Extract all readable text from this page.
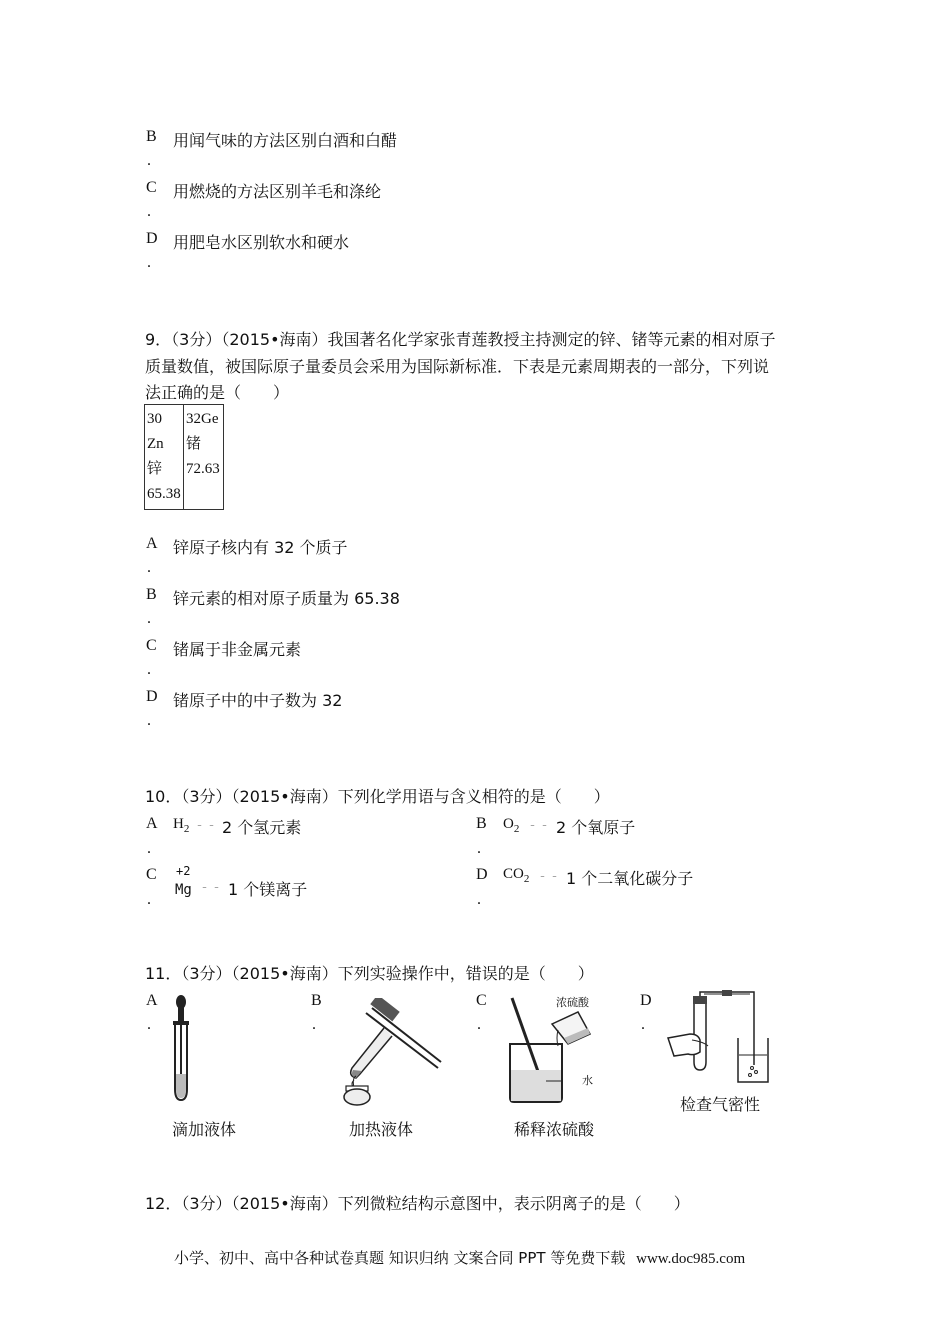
B
.
用闻气味的方法区别白酒和白醋
C
.
用燃烧的方法区别羊毛和涤纶
D
.
用肥皂水区别软水和硬水
9．（3分）（2015•海南）我国著名化学家张青莲教授主持测定的锌、锗等元素的相对原子
质量数值，被国际原子量委员会采用为国际新标准．下表是元素周期表的一部分，下列说
法正确的是（　　）
30
Zn
锌
65.38

32Ge
锗
72.63
A
.
锌原子核内有 32 个质子
B
.
锌元素的相对原子质量为 65.38
C
.
锗属于非金属元素
D
.
锗原子中的中子数为 32
10．（3分）（2015•海南）下列化学用语与含义相符的是（　　）
A
.
$H_2$ ﹣﹣ 2 个氢元素	B
.
$O_2$ ﹣﹣ 2 个氧原子
C
.
+2
Mg ﹣﹣ 1 个镁离子
D
.
$CO_2$ ﹣﹣ 1 个二氧化碳分子
11．（3分）（2015•海南）下列实验操作中，错误的是（　　）
A
.
B
.
C
.
D
.
浓硫酸
水
滴加液体	加热液体	稀释浓硫酸
检查气密性
12．（3分）（2015•海南）下列微粒结构示意图中，表示阴离子的是（　　）
小学、初中、高中各种试卷真题 知识归纳 文案合同 PPT 等免费下载 www.doc985.com
